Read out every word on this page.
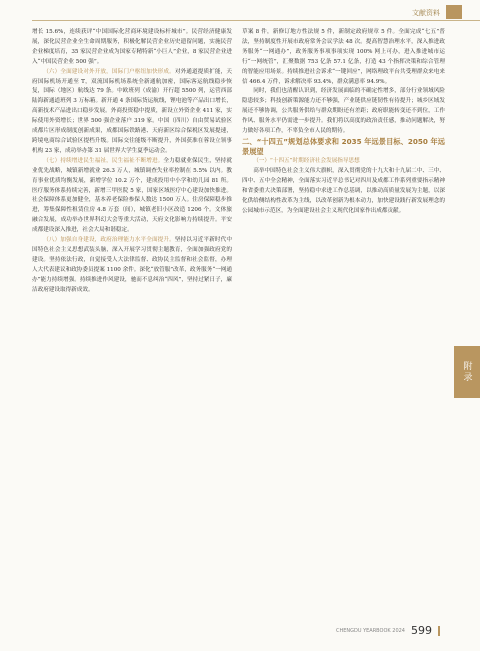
文献资料

增长 15.6%，连续获评“中国国际化营商环境建设标杆城市”。民营经济健康发展，深化民营企业全生命周期服务，积极化解民营企业历史遗留问题，实施民营企业梯度培育，35 家民营企业成为国家专精特新“小巨人”企业，8 家民营企业进入“中国民营企业 500 强”。

（六）全面建设对外开放，国际门户枢纽加快形成。对外通道提质扩能，天府国际机场开通至 T，双流国际机场系统全新通航加密，国际客运航线稳步恢复，国际（地区）航线达 79 条。中欧班列（成渝）开行超 5500 列，运营西部陆海新通道班列 3 万标箱。新开通 4 条国际货运航线，锂电池等产品出口增长，高新技术产品进出口稳步发展。外商投资稳中提质，新设立外资企业 411 家，实际使用外资增长；世界 500 强企业落户 319 家。中国（四川）自由贸易试验区成都片区形成制度创新成果，成都国际铁路港、天府新区综合保税区发展提速，跨境电商综合试验区提档升级。国际交往能级不断提升，外国获准在蓉设立领事机构 23 家，成功举办第 31 届世界大学生夏季运动会。

（七）持续增进民生福祉，民生福祉不断增进。全力稳就业保民生，坚持就业优先战略，城镇新增就业 26.3 万人，城镇调查失业率控制在 5.5% 以内。教育事业优质均衡发展，新增学位 10.2 万个，建成投用中小学和幼儿园 81 所。医疗服务体系持续完善，新增三甲医院 5 家，国家区域医疗中心建设加快推进。社会保障体系更加健全，基本养老保险参保人数达 1500 万人。住房保障稳步推进，筹集保障性租赁住房 4.8 万套（间），城镇老旧小区改造 1206 个。文体旅融合发展，成功举办世界科幻大会等重大活动，天府文化影响力持续提升。平安成都建设深入推进，社会大局和谐稳定。

（八）加强自身建设，政府治理能力水平全面提升。坚持以习近平新时代中国特色社会主义思想武装头脑，深入开展学习贯彻主题教育，全面加强政府党的建设。坚持依法行政，自觉接受人大法律监督、政协民主监督和社会监督，办理人大代表建议和政协委员提案 1100 余件。深化“放管服”改革，政务服务“一网通办”能力持续增强。持续推进作风建设，驰而不息纠治“四风”，坚持过紧日子，廉洁政府建设取得新成效。

草案 8 件，新修订地方性法规 5 件，新制定政府规章 5 件。全面完成“七五”普法，坚持制度性开展市政府常务会议学法 48 次。提高智慧治理水平，深入推进政务服务“一网通办”，政务服务事项事项实现 100% 网上可办，进入推进城市运行“一网统管”，汇聚数据 753 亿条 57.1 亿条，打造 43 个指挥决策和综合管理的智能应用场景。持续推进社会诉求“一键回应”，网络理政平台共受理群众来电来信 466.4 万件，诉求解决率 93.4%，群众满意率 94.9%。

同时，我们也清醒认识到，经济发展面临的不确定性增多，部分行业领域风险隐患较多；科技创新策源能力还不够强，产业链供应链韧性有待提升；城乡区域发展还不够协调，公共服务供给与群众期盼还有差距；政府职能转变还不到位，工作作风、服务水平仍需进一步提升。我们将以高度的政治责任感，推动问题解决，努力做好各项工作，不辜负全市人民的期待。

二、“十四五”规划总体要求和 2035 年远景目标、2050 年远景展望

（一）“十四五”时期经济社会发展指导思想

高举中国特色社会主义伟大旗帜，深入贯彻党的十九大和十九届二中、三中、四中、五中全会精神，全面落实习近平总书记对四川及成都工作系列重要指示精神和省委重大决策部署，坚持稳中求进工作总基调，以推动高质量发展为主题，以深化供给侧结构性改革为主线，以改革创新为根本动力，加快建设践行新发展理念的公园城市示范区，为全面建设社会主义现代化国家作出成都贡献。

附录
CHENGDU YEARBOOK 2024 599
